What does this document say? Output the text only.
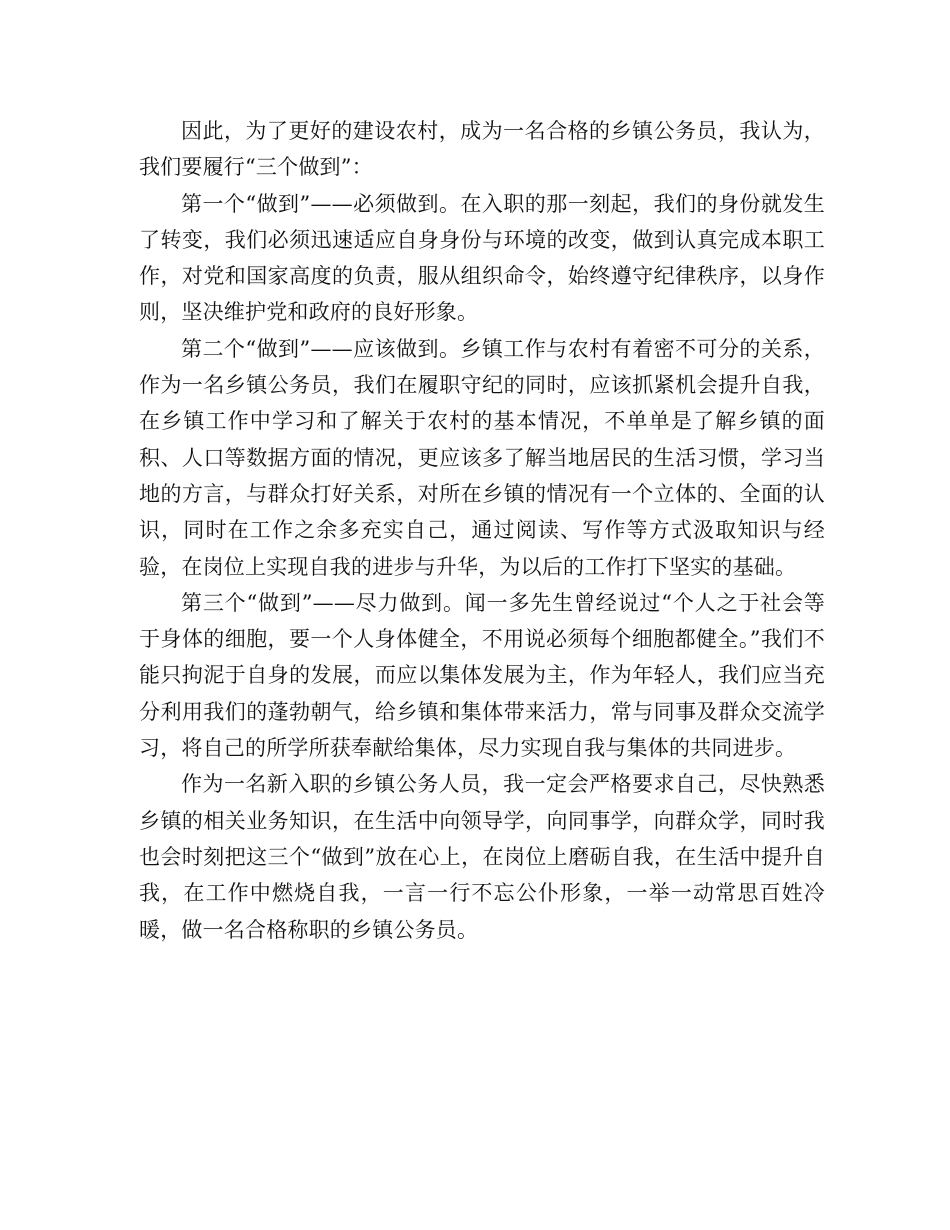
因此，为了更好的建设农村，成为一名合格的乡镇公务员，我认为，我们要履行“三个做到”：

第一个“做到”——必须做到。在入职的那一刻起，我们的身份就发生了转变，我们必须迅速适应自身身份与环境的改变，做到认真完成本职工作，对党和国家高度的负责，服从组织命令，始终遵守纪律秩序，以身作则，坚决维护党和政府的良好形象。

第二个“做到”——应该做到。乡镇工作与农村有着密不可分的关系，作为一名乡镇公务员，我们在履职守纪的同时，应该抓紧机会提升自我，在乡镇工作中学习和了解关于农村的基本情况，不单单是了解乡镇的面积、人口等数据方面的情况，更应该多了解当地居民的生活习惯，学习当地的方言，与群众打好关系，对所在乡镇的情况有一个立体的、全面的认识，同时在工作之余多充实自己，通过阅读、写作等方式汲取知识与经验，在岗位上实现自我的进步与升华，为以后的工作打下坚实的基础。

第三个“做到”——尽力做到。闻一多先生曾经说过“个人之于社会等于身体的细胞，要一个人身体健全，不用说必须每个细胞都健全。”我们不能只拘泥于自身的发展，而应以集体发展为主，作为年轻人，我们应当充分利用我们的蓬勃朝气，给乡镇和集体带来活力，常与同事及群众交流学习，将自己的所学所获奉献给集体，尽力实现自我与集体的共同进步。

作为一名新入职的乡镇公务人员，我一定会严格要求自己，尽快熟悉乡镇的相关业务知识，在生活中向领导学，向同事学，向群众学，同时我也会时刻把这三个“做到”放在心上，在岗位上磨砺自我，在生活中提升自我，在工作中燃烧自我，一言一行不忘公仆形象，一举一动常思百姓冷暖，做一名合格称职的乡镇公务员。
